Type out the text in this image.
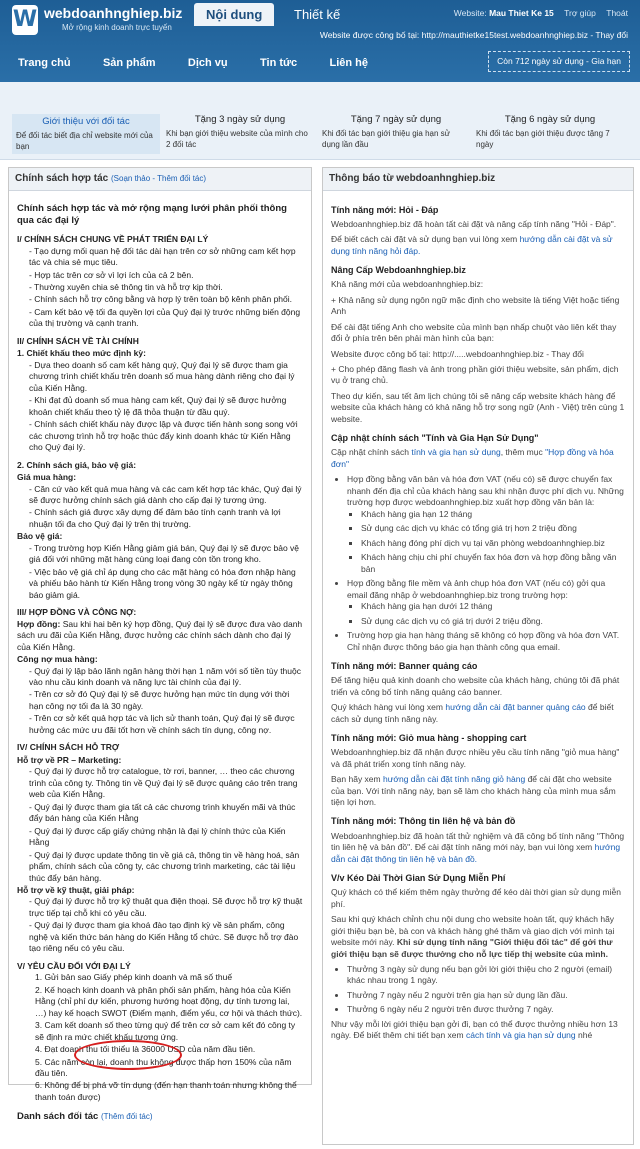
W webdoanhnghiep.biz
Mở rộng kinh doanh trực tuyến
Nội dung	Thiết kế	Website: Mau Thiet Ke 15 Trợ giúp Thoát
Website được công bố tại: http://mauthietke15test.webdoanhnghiep.biz - Thay đổi
Trang chủ	Sản phẩm	Dịch vụ	Tin tức	Liên hệ	Còn 712 ngày sử dụng - Gia hạn
Giới thiệu với đối tác
Để đối tác biết địa chỉ website mới của bạn
Tặng 3 ngày sử dụng
Khi bạn giới thiệu website của mình cho 2 đối tác
Tặng 7 ngày sử dụng
Khi đối tác bạn giới thiệu gia hạn sử dụng lần đầu
Tặng 6 ngày sử dụng
Khi đối tác bạn giới thiệu được tặng 7 ngày
Chính sách hợp tác (Soạn thảo - Thêm đối tác)
Chính sách hợp tác và mở rộng mạng lưới phân phối thông qua các đại lý
I/ CHÍNH SÁCH CHUNG VỀ PHÁT TRIỂN ĐẠI LÝ
- Tạo dựng mối quan hệ đối tác dài hạn trên cơ sở những cam kết hợp tác và chia sẻ mục tiêu.
- Hợp tác trên cơ sở vì lợi ích của cả 2 bên.
- Thường xuyên chia sẻ thông tin và hỗ trợ kịp thời.
- Chính sách hỗ trợ công bằng và hợp lý trên toàn bộ kênh phân phối.
- Cam kết bảo vệ tối đa quyền lợi của Quý đại lý trước những biến động của thị trường và cạnh tranh.
II/ CHÍNH SÁCH VỀ TÀI CHÍNH
1. Chiết khấu theo mức định kỳ:
- Dựa theo doanh số cam kết hàng quý, Quý đại lý sẽ được tham gia chương trình chiết khấu trên doanh số mua hàng dành riêng cho đại lý của Kiến Hằng.
- Khi đạt đủ doanh số mua hàng cam kết, Quý đại lý sẽ được hưởng khoản chiết khấu theo tỷ lệ đã thỏa thuận từ đầu quý.
- Chính sách chiết khấu này được lập và được tiến hành song song với các chương trình hỗ trợ hoặc thúc đẩy kinh doanh khác từ Kiến Hằng cho Quý đại lý.
2. Chính sách giá, bảo vệ giá:
Giá mua hàng:
- Căn cứ vào kết quả mua hàng và các cam kết hợp tác khác, Quý đại lý sẽ được hưởng chính sách giá dành cho cấp đại lý tương ứng.
- Chính sách giá được xây dựng để đảm bảo tính cạnh tranh và lợi nhuận tối đa cho Quý đại lý trên thị trường.
Bảo vệ giá:
- Trong trường hợp Kiến Hằng giảm giá bán, Quý đại lý sẽ được bảo vệ giá đối với những mặt hàng cùng loại đang còn tồn trong kho.
- Việc bảo vệ giá chỉ áp dụng cho các mặt hàng có hóa đơn nhập hàng và phiếu bảo hành từ Kiến Hằng trong vòng 30 ngày kể từ ngày thông báo giảm giá.
III/ HỢP ĐỒNG VÀ CÔNG NỢ:
Hợp đồng: Sau khi hai bên ký hợp đồng, Quý đại lý sẽ được đưa vào danh sách ưu đãi của Kiến Hằng, được hưởng các chính sách dành cho đại lý của Kiến Hằng.
Công nợ mua hàng:
- Quý đại lý lập bảo lãnh ngân hàng thời hạn 1 năm với số tiền tùy thuộc vào nhu cầu kinh doanh và năng lực tài chính của đại lý.
- Trên cơ sở đó Quý đại lý sẽ được hưởng hạn mức tín dụng với thời hạn công nợ tối đa là 30 ngày.
- Trên cơ sở kết quả hợp tác và lịch sử thanh toán, Quý đại lý sẽ được hưởng các mức ưu đãi tốt hơn về chính sách tín dụng, công nợ.
IV/ CHÍNH SÁCH HỖ TRỢ
Hỗ trợ về PR – Marketing:
- Quý đại lý được hỗ trợ catalogue, tờ rơi, banner, … theo các chương trình của công ty. Thông tin về Quý đại lý sẽ được quảng cáo trên trang web của Kiến Hằng.
- Quý đại lý được tham gia tất cả các chương trình khuyến mãi và thúc đẩy bán hàng của Kiến Hằng
- Quý đại lý được cấp giấy chứng nhận là đại lý chính thức của Kiến Hằng
- Quý đại lý được update thông tin về giá cả, thông tin về hàng hoá, sản phẩm, chính sách của công ty, các chương trình marketing, các tài liệu thúc đẩy bán hàng.
Hỗ trợ về kỹ thuật, giải pháp:
- Quý đại lý được hỗ trợ kỹ thuật qua điện thoại. Sẽ được hỗ trợ kỹ thuật trực tiếp tại chỗ khi có yêu cầu.
- Quý đại lý được tham gia khoá đào tạo định kỳ về sản phẩm, công nghệ và kiến thức bán hàng do Kiến Hằng tổ chức. Sẽ được hỗ trợ đào tạo riêng nếu có yêu cầu.
V/ YÊU CẦU ĐỐI VỚI ĐẠI LÝ
1. Gửi bản sao Giấy phép kinh doanh và mã số thuế
2. Kế hoạch kinh doanh và phân phối sản phẩm, hàng hóa của Kiến Hằng (chỉ phí dự kiến, phương hướng hoạt động, dự tính tương lai, …) hay kế hoạch SWOT (Điểm mạnh, điểm yếu, cơ hội và thách thức).
3. Cam kết doanh số theo từng quý để trên cơ sở cam kết đó công ty sẽ định ra mức chiết khấu tương ứng.
4. Đạt doanh thu tối thiểu là 36000 USD của năm đầu tiên.
5. Các năm còn lại, doanh thu không được thấp hơn 150% của năm đầu tiên.
6. Không để bị phá vỡ tín dụng (đến hạn thanh toán nhưng không thể thanh toán được)
Danh sách đối tác (Thêm đối tác)
Thông báo từ webdoanhnghiep.biz
Tính năng mới: Hỏi - Đáp
Webdoanhnghiep.biz đã hoàn tất cài đặt và nâng cấp tính năng "Hỏi - Đáp".
Để biết cách cài đặt và sử dụng bạn vui lòng xem hướng dẫn cài đặt và sử dụng tính năng hỏi đáp.
Nâng Cấp Webdoanhnghiep.biz
Khả năng mới của webdoanhnghiep.biz:
+ Khả năng sử dụng ngôn ngữ mặc định cho website là tiếng Việt hoặc tiếng Anh
Để cài đặt tiếng Anh cho website của mình bạn nhấp chuột vào liên kết thay đổi ở phía trên bên phải màn hình của bạn:
Website được công bố tại: http://.....webdoanhnghiep.biz - Thay đổi
+ Cho phép đăng flash và ảnh trong phần giới thiệu website, sản phẩm, dịch vụ ở trang chủ.
Theo dự kiến, sau tết âm lịch chúng tôi sẽ nâng cấp website khách hàng để website của khách hàng có khả năng hỗ trợ song ngữ (Anh - Việt) trên cùng 1 website.
Cập nhật chính sách "Tính và Gia Hạn Sử Dụng"
Cập nhật chính sách tính và gia hạn sử dụng, thêm mục "Hợp đồng và hóa đơn"
• Hợp đồng bằng văn bản và hóa đơn VAT (nếu có) sẽ được chuyển fax nhanh đến địa chỉ của khách hàng sau khi nhận được phí dịch vụ. Những trường hợp được webdoanhnghiep.biz xuất hợp đồng văn bản là:
▪ Khách hàng gia hạn 12 tháng
▪ Sử dụng các dịch vụ khác có tổng giá trị hơn 2 triệu đồng
▪ Khách hàng đóng phí dịch vụ tại văn phòng webdoanhnghiep.biz
▪ Khách hàng chịu chi phí chuyển fax hóa đơn và hợp đồng bằng văn bản
• Hợp đồng bằng file mềm và ảnh chụp hóa đơn VAT (nếu có) gởi qua email đăng nhập ở webdoanhnghiep.biz trong trường hợp:
▪ Khách hàng gia hạn dưới 12 tháng
▪ Sử dụng các dịch vụ có giá trị dưới 2 triệu đồng.
• Trường hợp gia hạn hàng tháng sẽ không có hợp đồng và hóa đơn VAT. Chỉ nhận được thông báo gia hạn thành công qua email.
Tính năng mới: Banner quảng cáo
Để tăng hiệu quả kinh doanh cho website của khách hàng, chúng tôi đã phát triển và công bố tính năng quảng cáo banner.
Quý khách hàng vui lòng xem hướng dẫn cài đặt banner quảng cáo để biết cách sử dụng tính năng này.
Tính năng mới: Giỏ mua hàng - shopping cart
Webdoanhnghiep.biz đã nhận được nhiều yêu cầu tính năng "giỏ mua hàng" và đã phát triển xong tính năng này.
Bạn hãy xem hướng dẫn cài đặt tính năng giỏ hàng để cài đặt cho website của bạn. Với tính năng này, bạn sẽ làm cho khách hàng của mình mua sắm tiện lợi hơn.
Tính năng mới: Thông tin liên hệ và bản đồ
Webdoanhnghiep.biz đã hoàn tất thử nghiệm và đã công bố tính năng "Thông tin liên hệ và bản đồ". Để cài đặt tính năng mới này, bạn vui lòng xem hướng dẫn cài đặt thông tin liên hệ và bản đồ.
V/v Kéo Dài Thời Gian Sử Dụng Miễn Phí
Quý khách có thể kiếm thêm ngày thưởng để kéo dài thời gian sử dụng miễn phí.
Sau khi quý khách chỉnh chu nội dung cho website hoàn tất, quý khách hãy giới thiệu bạn bè, bà con và khách hàng ghé thăm và giao dịch với mình tại website mới này. Khi sử dụng tính năng "Giới thiệu đối tác" để gởi thư giới thiệu bạn sẽ được thưởng cho nỗ lực tiếp thị website của mình.
• Thưởng 3 ngày sử dụng nếu bạn gởi lời giới thiệu cho 2 người (email) khác nhau trong 1 ngày.
• Thưởng 7 ngày nếu 2 người trên gia hạn sử dụng lần đầu.
• Thưởng 6 ngày nếu 2 người trên được thưởng 7 ngày.
Như vậy mỗi lời giới thiệu bạn gởi đi, bạn có thể được thưởng nhiều hơn 13 ngày. Để biết thêm chi tiết bạn xem cách tính và gia hạn sử dụng nhé
